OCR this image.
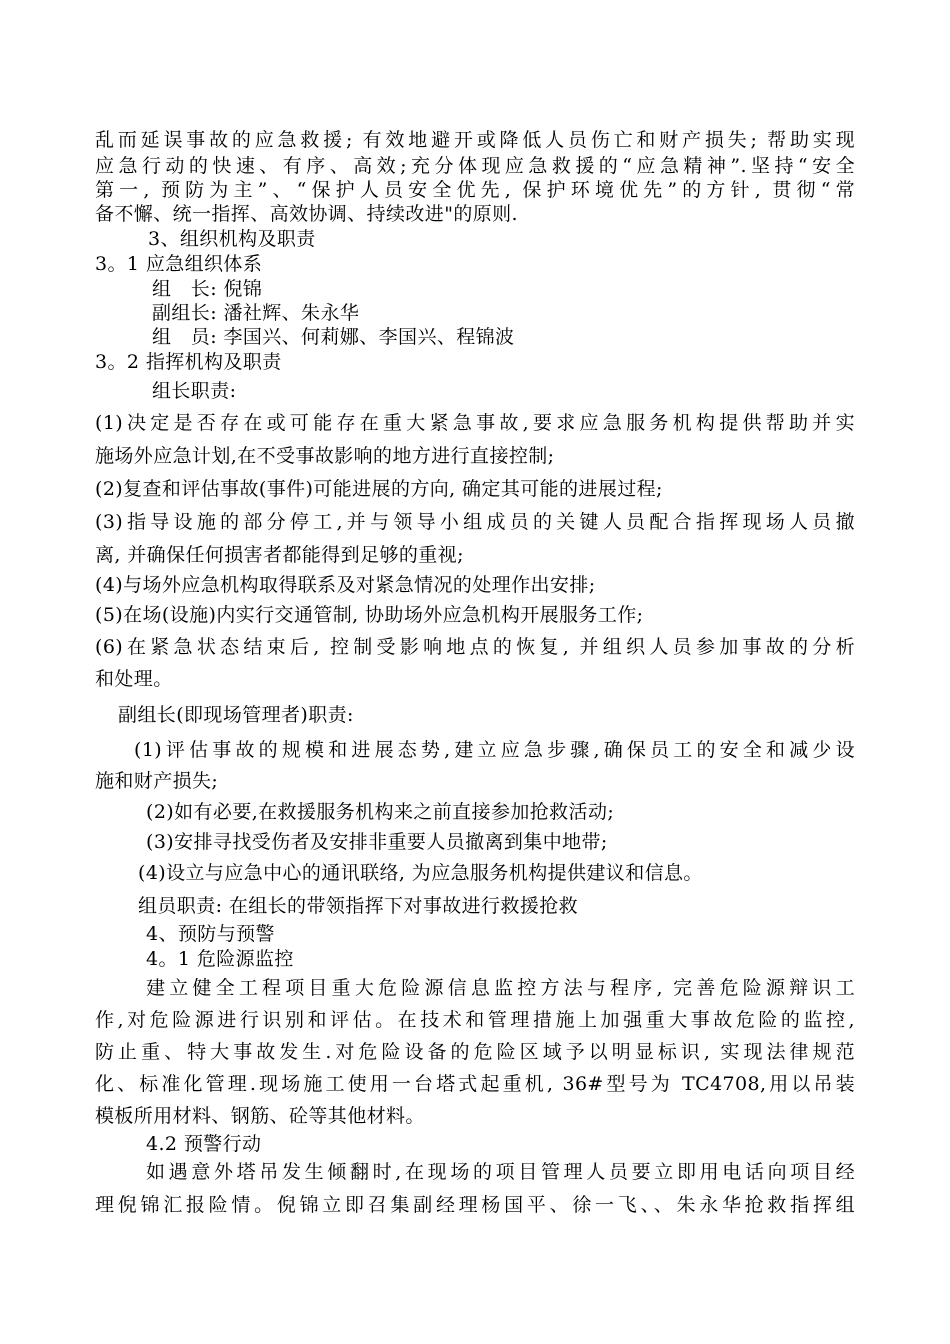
乱而延误事故的应急救援; 有效地避开或降低人员伤亡和财产损失; 帮助实现
应急行动的快速、有序、高效;充分体现应急救援的“应急精神”.坚持“安全
第一, 预防为主”、“保护人员安全优先, 保护环境优先”的方针, 贯彻“常
备不懈、统一指挥、高效协调、持续改进"的原则.
3、组织机构及职责
3。1 应急组织体系
组　长: 倪锦
副组长: 潘社辉、朱永华
组　员: 李国兴、何莉娜、李国兴、程锦波
3。2 指挥机构及职责
组长职责:
(1)决定是否存在或可能存在重大紧急事故,要求应急服务机构提供帮助并实
施场外应急计划,在不受事故影响的地方进行直接控制;
(2)复查和评估事故(事件)可能进展的方向, 确定其可能的进展过程;
(3)指导设施的部分停工,并与领导小组成员的关键人员配合指挥现场人员撤
离, 并确保任何损害者都能得到足够的重视;
(4)与场外应急机构取得联系及对紧急情况的处理作出安排;
(5)在场(设施)内实行交通管制, 协助场外应急机构开展服务工作;
(6)在紧急状态结束后, 控制受影响地点的恢复, 并组织人员参加事故的分析
和处理。
副组长(即现场管理者)职责:
(1)评估事故的规模和进展态势,建立应急步骤,确保员工的安全和减少设
施和财产损失;
(2)如有必要,在救援服务机构来之前直接参加抢救活动;
(3)安排寻找受伤者及安排非重要人员撤离到集中地带;
(4)设立与应急中心的通讯联络, 为应急服务机构提供建议和信息。
组员职责: 在组长的带领指挥下对事故进行救援抢救
4、预防与预警
4。1 危险源监控
建立健全工程项目重大危险源信息监控方法与程序, 完善危险源辩识工
作,对危险源进行识别和评估。在技术和管理措施上加强重大事故危险的监控,
防止重、特大事故发生.对危险设备的危险区域予以明显标识, 实现法律规范
化、标准化管理.现场施工使用一台塔式起重机, 36#型号为 TC4708,用以吊装
模板所用材料、钢筋、砼等其他材料。
4.2 预警行动
如遇意外塔吊发生倾翻时,在现场的项目管理人员要立即用电话向项目经
理倪锦汇报险情。倪锦立即召集副经理杨国平、徐一飞、、朱永华抢救指挥组
